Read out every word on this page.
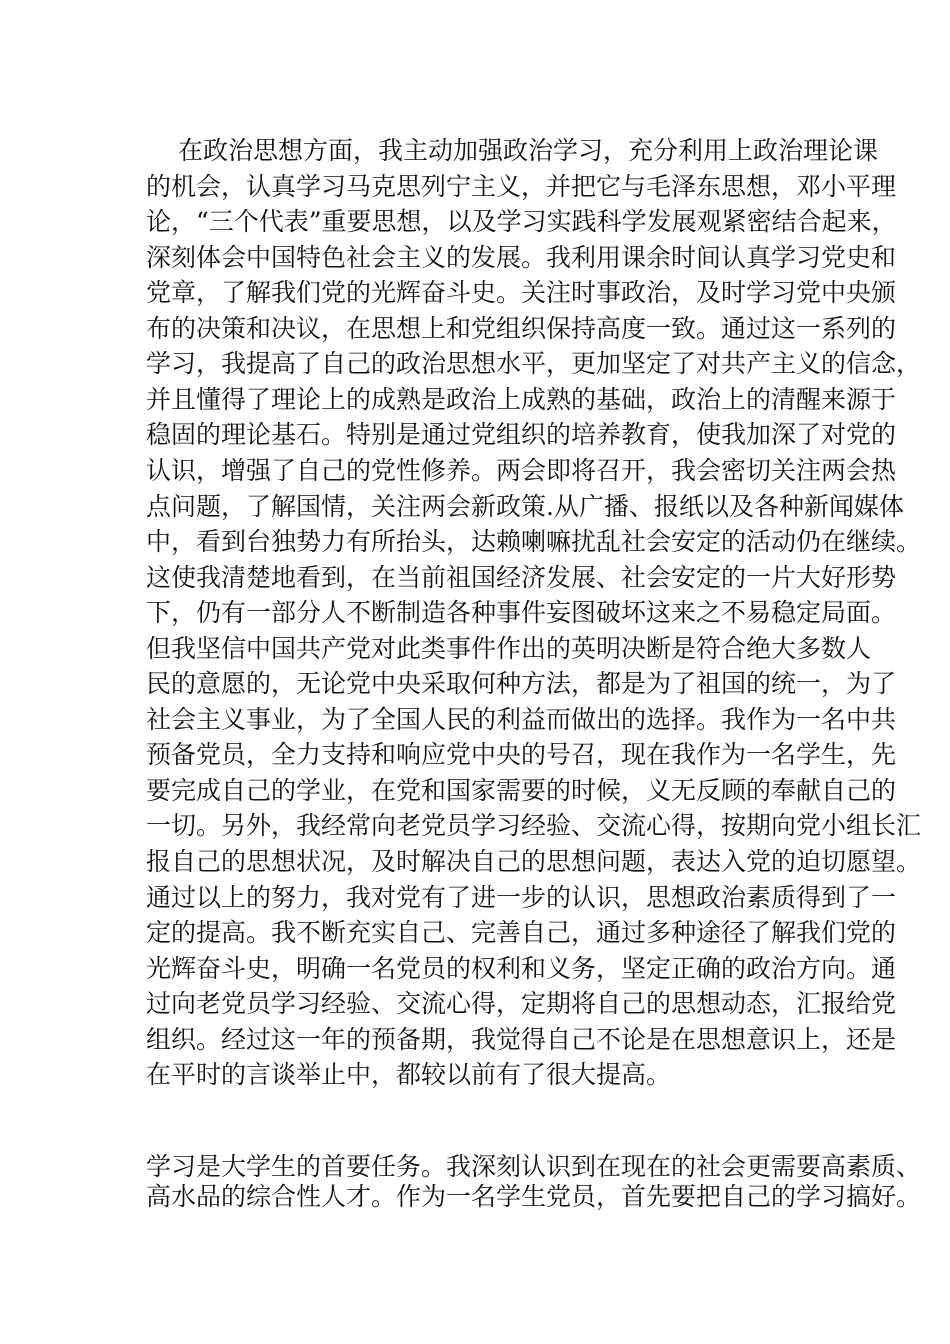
在政治思想方面，我主动加强政治学习，充分利用上政治理论课
的机会，认真学习马克思列宁主义，并把它与毛泽东思想，邓小平理
论，“三个代表”重要思想，以及学习实践科学发展观紧密结合起来，
深刻体会中国特色社会主义的发展。我利用课余时间认真学习党史和
党章，了解我们党的光辉奋斗史。关注时事政治，及时学习党中央颁
布的决策和决议，在思想上和党组织保持高度一致。通过这一系列的
学习，我提高了自己的政治思想水平，更加坚定了对共产主义的信念，
并且懂得了理论上的成熟是政治上成熟的基础，政治上的清醒来源于
稳固的理论基石。特别是通过党组织的培养教育，使我加深了对党的
认识，增强了自己的党性修养。两会即将召开，我会密切关注两会热
点问题，了解国情，关注两会新政策.从广播、报纸以及各种新闻媒体
中，看到台独势力有所抬头，达赖喇嘛扰乱社会安定的活动仍在继续。
这使我清楚地看到，在当前祖国经济发展、社会安定的一片大好形势
下，仍有一部分人不断制造各种事件妄图破坏这来之不易稳定局面。
但我坚信中国共产党对此类事件作出的英明决断是符合绝大多数人
民的意愿的，无论党中央采取何种方法，都是为了祖国的统一，为了
社会主义事业，为了全国人民的利益而做出的选择。我作为一名中共
预备党员，全力支持和响应党中央的号召，现在我作为一名学生，先
要完成自己的学业，在党和国家需要的时候，义无反顾的奉献自己的
一切。另外，我经常向老党员学习经验、交流心得，按期向党小组长汇
报自己的思想状况，及时解决自己的思想问题，表达入党的迫切愿望。
通过以上的努力，我对党有了进一步的认识，思想政治素质得到了一
定的提高。我不断充实自己、完善自己，通过多种途径了解我们党的
光辉奋斗史，明确一名党员的权利和义务，坚定正确的政治方向。通
过向老党员学习经验、交流心得，定期将自己的思想动态，汇报给党
组织。经过这一年的预备期，我觉得自己不论是在思想意识上，还是
在平时的言谈举止中，都较以前有了很大提高。
学习是大学生的首要任务。我深刻认识到在现在的社会更需要高素质、
高水品的综合性人才。作为一名学生党员，首先要把自己的学习搞好。
